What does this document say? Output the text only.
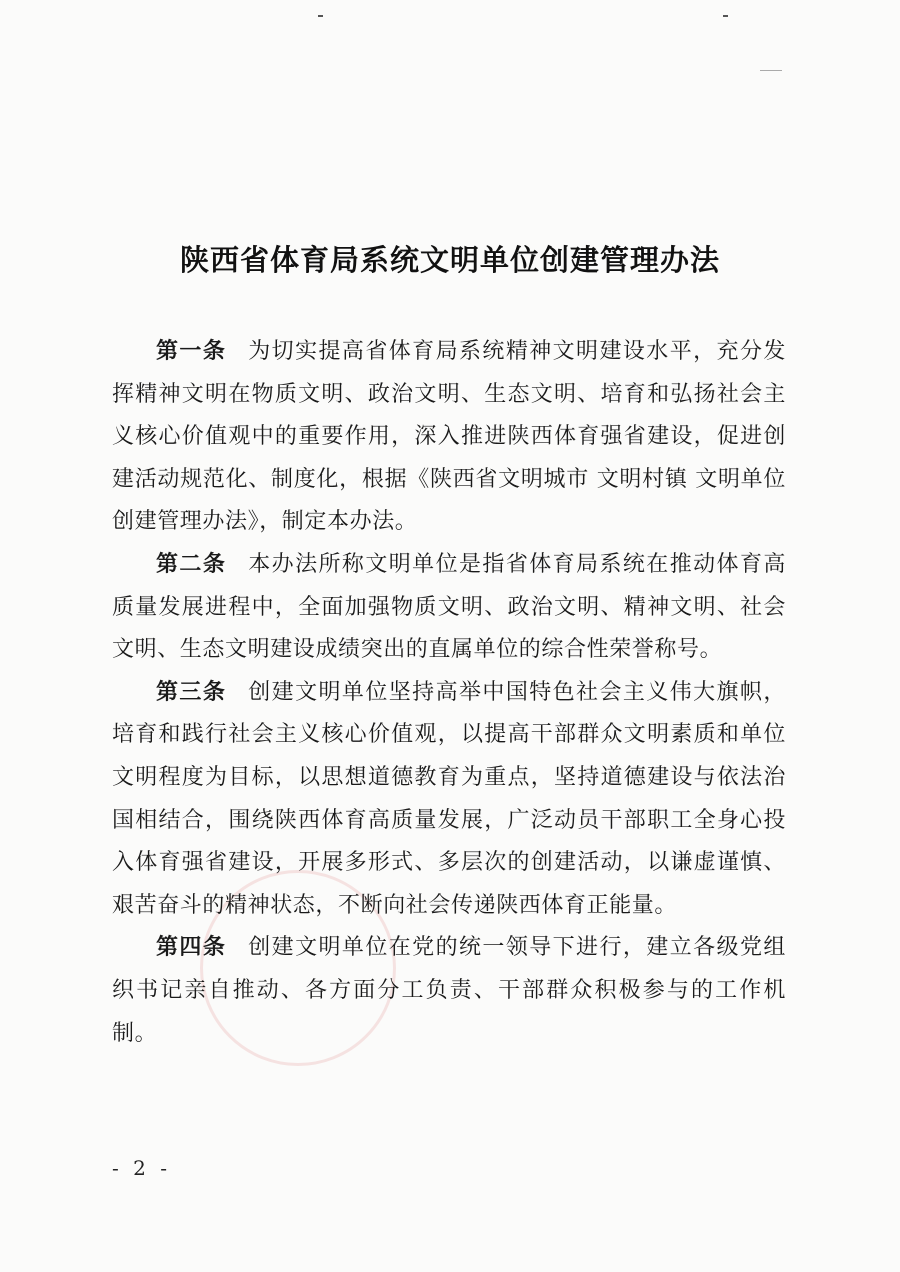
陕西省体育局系统文明单位创建管理办法

第一条 为切实提高省体育局系统精神文明建设水平，充分发挥精神文明在物质文明、政治文明、生态文明、培育和弘扬社会主义核心价值观中的重要作用，深入推进陕西体育强省建设，促进创建活动规范化、制度化，根据《陕西省文明城市 文明村镇 文明单位创建管理办法》，制定本办法。

第二条 本办法所称文明单位是指省体育局系统在推动体育高质量发展进程中，全面加强物质文明、政治文明、精神文明、社会文明、生态文明建设成绩突出的直属单位的综合性荣誉称号。

第三条 创建文明单位坚持高举中国特色社会主义伟大旗帜，培育和践行社会主义核心价值观，以提高干部群众文明素质和单位文明程度为目标，以思想道德教育为重点，坚持道德建设与依法治国相结合，围绕陕西体育高质量发展，广泛动员干部职工全身心投入体育强省建设，开展多形式、多层次的创建活动，以谦虚谨慎、艰苦奋斗的精神状态，不断向社会传递陕西体育正能量。

第四条 创建文明单位在党的统一领导下进行，建立各级党组织书记亲自推动、各方面分工负责、干部群众积极参与的工作机制。

- 2 -
